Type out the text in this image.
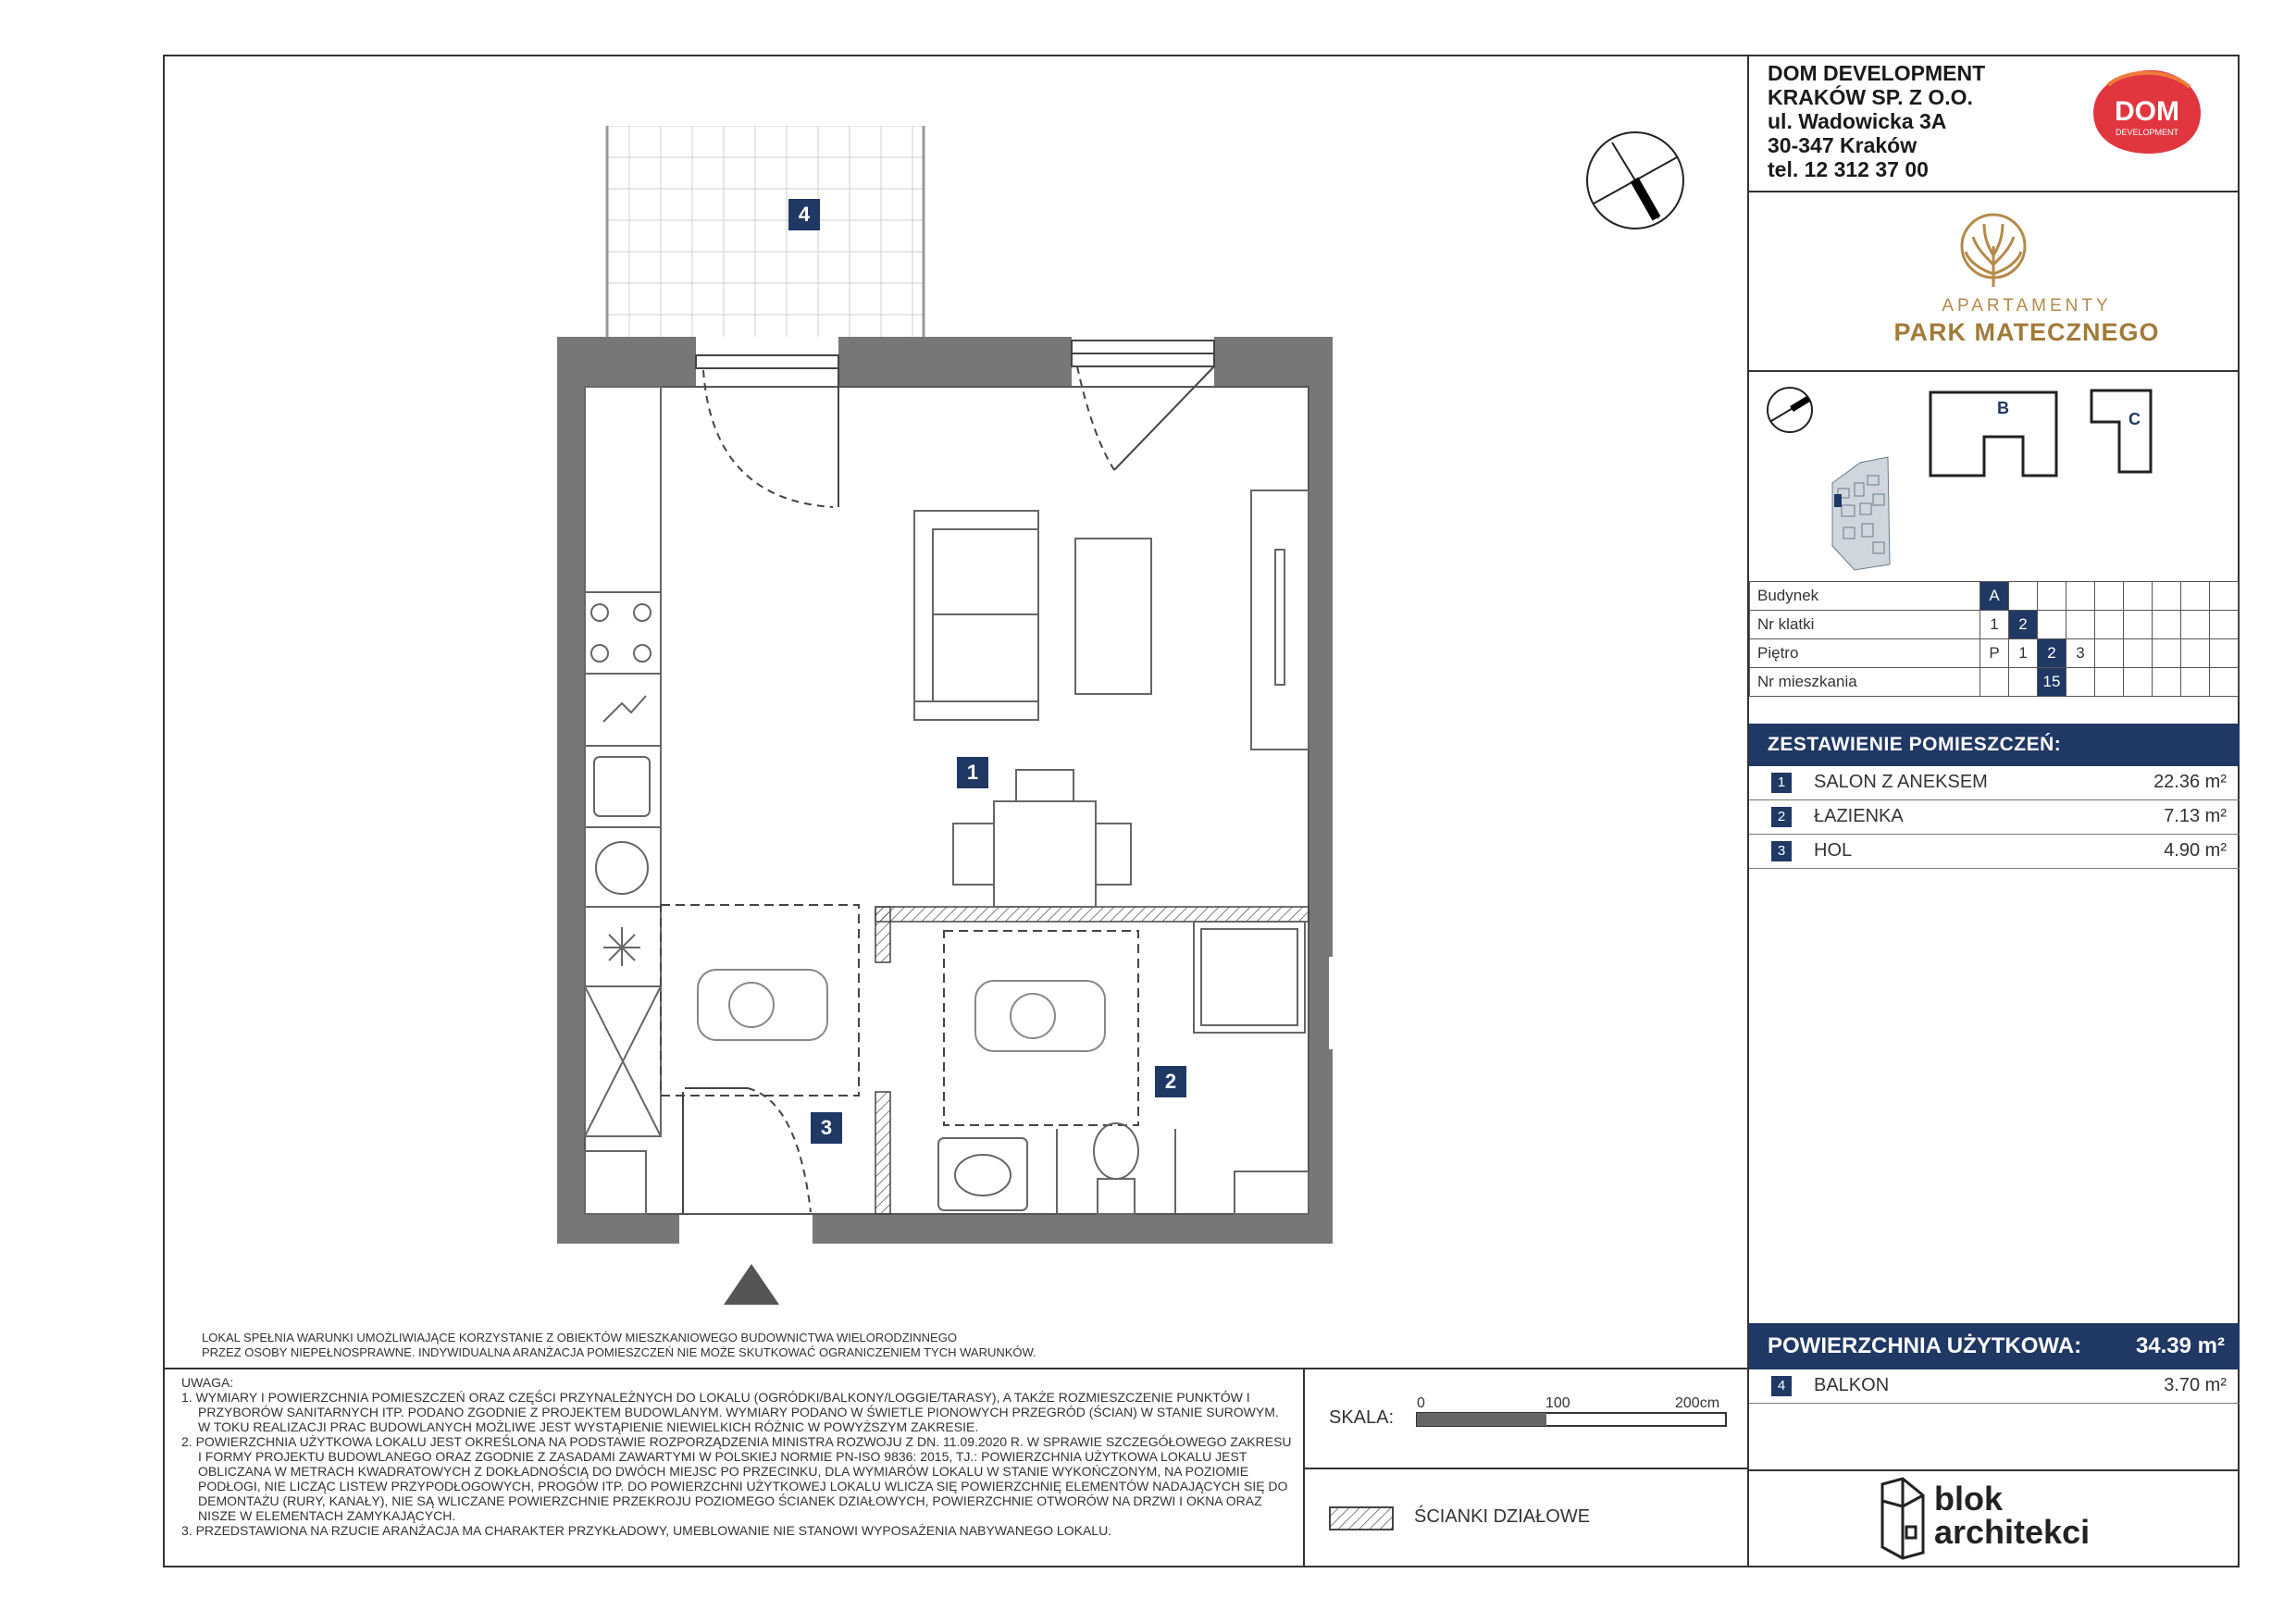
DOM DEVELOPMENT
KRAKÓW SP. Z O.O.
ul. Wadowicka 3A
30-347 Kraków
tel. 12 312 37 00
DOM
DEVELOPMENT
APARTAMENTY
PARK MATECZNEGO
B
C
Budynek	A								
Nr klatki	1	2							
Piętro	P	1	2	3					
Nr mieszkania			15						
ZESTAWIENIE POMIESZCZEŃ:
1	SALON Z ANEKSEM	22.36 m²
2	ŁAZIENKA	7.13 m²
3	HOL	4.90 m²
POWIERZCHNIA UŻYTKOWA: 34.39 m²
4	BALKON	3.70 m²
blok
architekci
4
1
2
3
LOKAL SPEŁNIA WARUNKI UMOŻLIWIAJĄCE KORZYSTANIE Z OBIEKTÓW MIESZKANIOWEGO BUDOWNICTWA WIELORODZINNEGO
PRZEZ OSOBY NIEPEŁNOSPRAWNE. INDYWIDUALNA ARANŻACJA POMIESZCZEŃ NIE MOŻE SKUTKOWAĆ OGRANICZENIEM TYCH WARUNKÓW.
UWAGA:
1. WYMIARY I POWIERZCHNIA POMIESZCZEŃ ORAZ CZĘŚCI PRZYNALEŻNYCH DO LOKALU (OGRÓDKI/BALKONY/LOGGIE/TARASY), A TAKŻE ROZMIESZCZENIE PUNKTÓW I PRZYBORÓW SANITARNYCH ITP. PODANO ZGODNIE Z PROJEKTEM BUDOWLANYM. WYMIARY PODANO W ŚWIETLE PIONOWYCH PRZEGRÓD (ŚCIAN) W STANIE SUROWYM. W TOKU REALIZACJI PRAC BUDOWLANYCH MOŻLIWE JEST WYSTĄPIENIE NIEWIELKICH RÓŻNIC W POWYŻSZYM ZAKRESIE.
2. POWIERZCHNIA UŻYTKOWA LOKALU JEST OKREŚLONA NA PODSTAWIE ROZPORZĄDZENIA MINISTRA ROZWOJU Z DN. 11.09.2020 R. W SPRAWIE SZCZEGÓŁOWEGO ZAKRESU I FORMY PROJEKTU BUDOWLANEGO ORAZ ZGODNIE Z ZASADAMI ZAWARTYMI W POLSKIEJ NORMIE PN-ISO 9836: 2015, TJ.: POWIERZCHNIA UŻYTKOWA LOKALU JEST OBLICZANA W METRACH KWADRATOWYCH Z DOKŁADNOŚCIĄ DO DWÓCH MIEJSC PO PRZECINKU, DLA WYMIARÓW LOKALU W STANIE WYKOŃCZONYM, NA POZIOMIE PODŁOGI, NIE LICZĄC LISTEW PRZYPODŁOGOWYCH, PROGÓW ITP. DO POWIERZCHNI UŻYTKOWEJ LOKALU WLICZA SIĘ POWIERZCHNIĘ ELEMENTÓW NADAJĄCYCH SIĘ DO DEMONTAŻU (RURY, KANAŁY), NIE SĄ WLICZANE POWIERZCHNIE PRZEKROJU POZIOMEGO ŚCIANEK DZIAŁOWYCH, POWIERZCHNIE OTWORÓW NA DRZWI I OKNA ORAZ NISZE W ELEMENTACH ZAMYKAJĄCYCH.
3. PRZEDSTAWIONA NA RZUCIE ARANŻACJA MA CHARAKTER PRZYKŁADOWY, UMEBLOWANIE NIE STANOWI WYPOSAŻENIA NABYWANEGO LOKALU.
SKALA:
0	100	200cm
ŚCIANKI DZIAŁOWE
